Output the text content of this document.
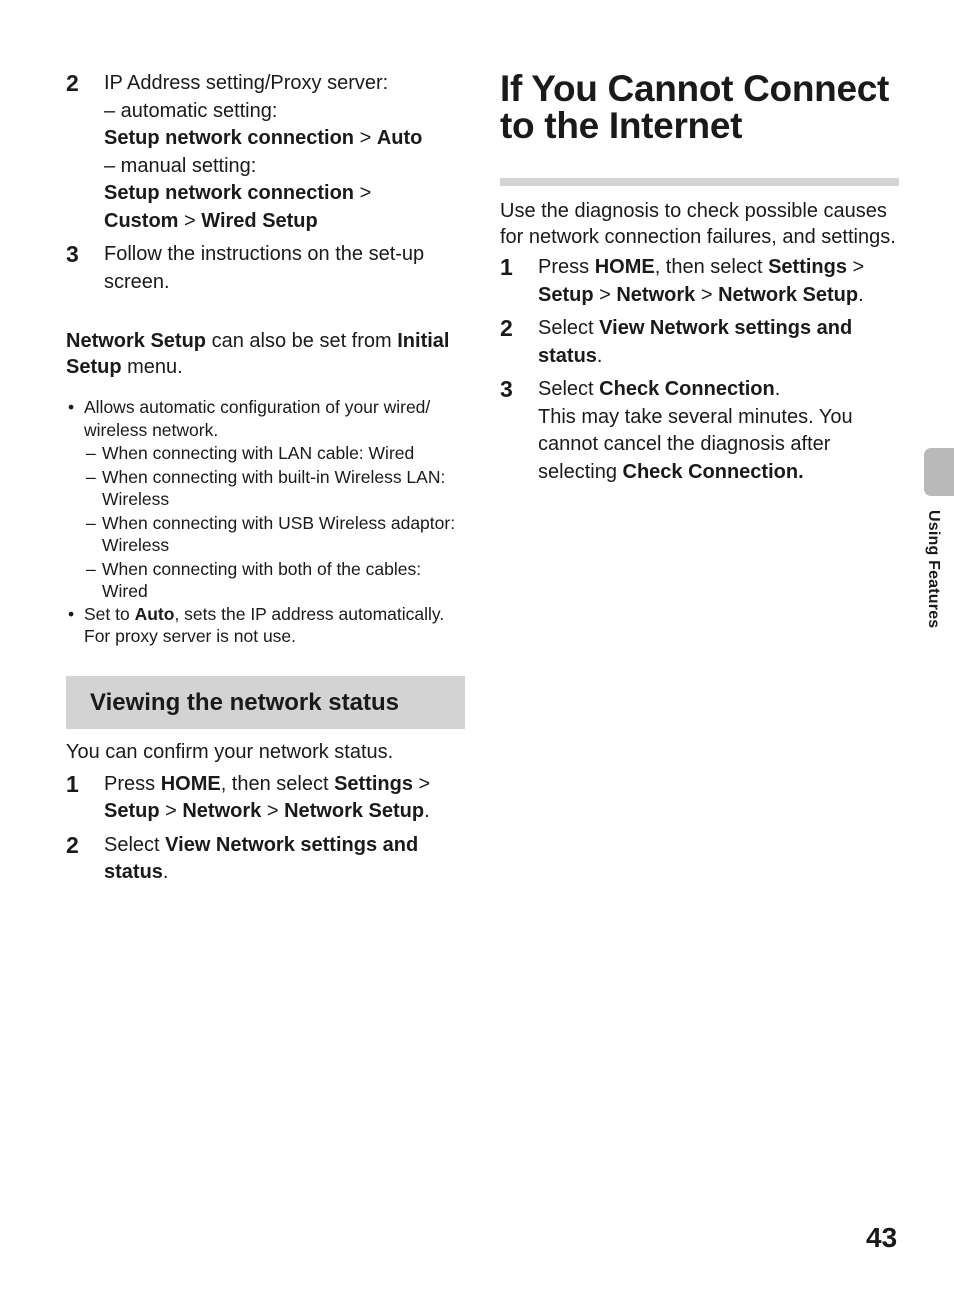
2 IP Address setting/Proxy server:
– automatic setting:
Setup network connection > Auto
– manual setting:
Setup network connection >
Custom > Wired Setup
3 Follow the instructions on the set-up screen.
Network Setup can also be set from Initial Setup menu.
• Allows automatic configuration of your wired/ wireless network.
– When connecting with LAN cable: Wired
– When connecting with built-in Wireless LAN: Wireless
– When connecting with USB Wireless adaptor: Wireless
– When connecting with both of the cables: Wired
• Set to Auto, sets the IP address automatically. For proxy server is not use.
Viewing the network status
You can confirm your network status.
1 Press HOME, then select Settings > Setup > Network > Network Setup.
2 Select View Network settings and status.
If You Cannot Connect
to the Internet
Use the diagnosis to check possible causes for network connection failures, and settings.
1 Press HOME, then select Settings > Setup > Network > Network Setup.
2 Select View Network settings and status.
3 Select Check Connection.
This may take several minutes. You cannot cancel the diagnosis after selecting Check Connection.
Using Features
43
